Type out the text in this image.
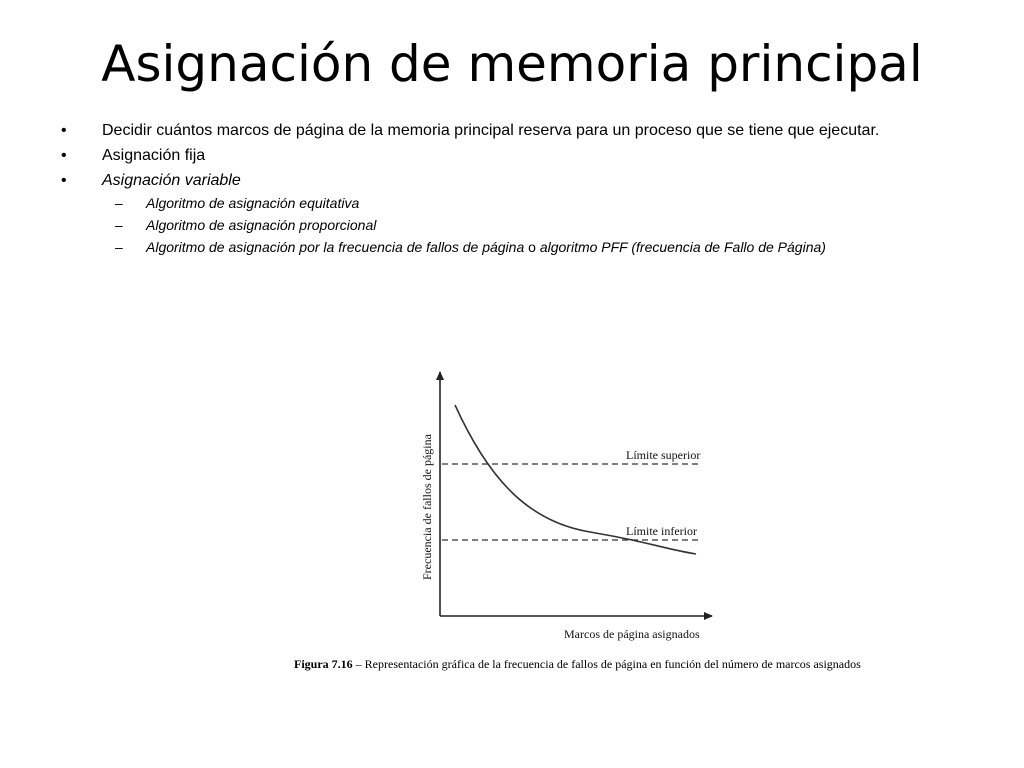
Asignación de memoria principal
• Decidir cuántos marcos de página de la memoria principal reserva para un proceso que se tiene que ejecutar.
• Asignación fija
• Asignación variable
– Algoritmo de asignación equitativa
– Algoritmo de asignación proporcional
– Algoritmo de asignación por la frecuencia de fallos de página o algoritmo PFF (frecuencia de Fallo de Página)
Límite superior
Límite inferior
Marcos de página asignados
Frecuencia de fallos de página
Figura 7.16 – Representación gráfica de la frecuencia de fallos de página en función del número de marcos asignados
